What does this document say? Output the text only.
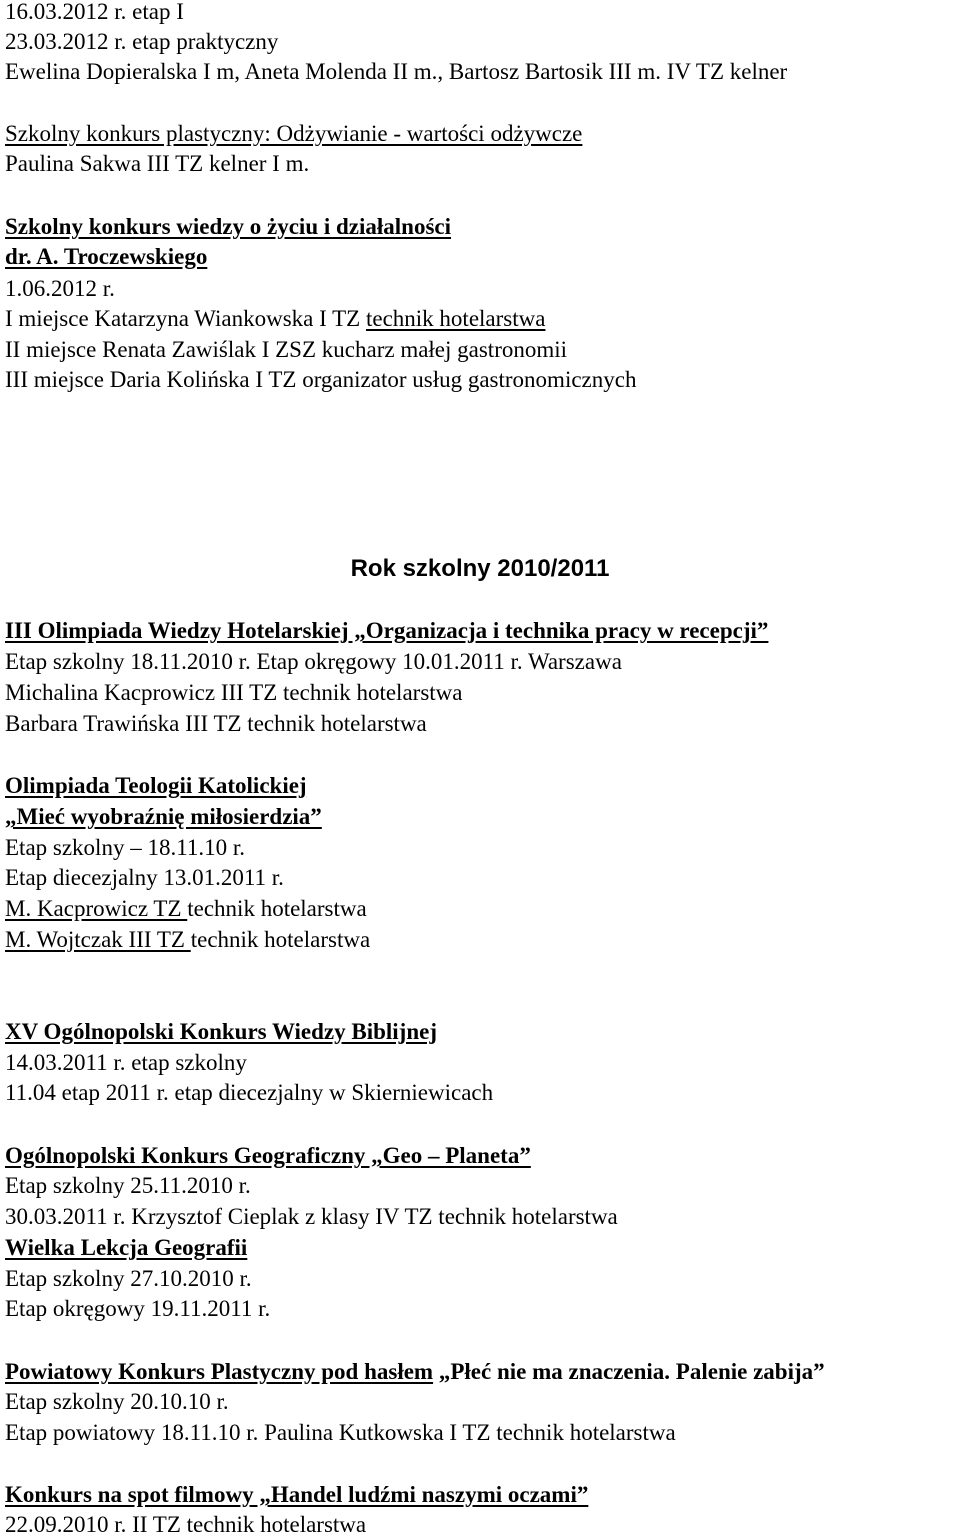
16.03.2012 r. etap I
23.03.2012 r. etap praktyczny
Ewelina Dopieralska I m, Aneta Molenda II m., Bartosz Bartosik III m. IV TZ kelner
Szkolny konkurs plastyczny: Odżywianie - wartości odżywcze
Paulina Sakwa III TZ kelner I m.
Szkolny konkurs wiedzy o życiu i działalności
dr. A. Troczewskiego
1.06.2012 r.
I miejsce Katarzyna Wiankowska I TZ technik hotelarstwa
II miejsce Renata Zawiślak I ZSZ kucharz małej gastronomii
III miejsce Daria Kolińska I TZ organizator usług gastronomicznych
Rok szkolny 2010/2011
III Olimpiada Wiedzy Hotelarskiej „Organizacja i technika pracy w recepcji”
Etap szkolny 18.11.2010 r. Etap okręgowy 10.01.2011 r. Warszawa
Michalina Kacprowicz III TZ technik hotelarstwa
Barbara Trawińska III TZ technik hotelarstwa
Olimpiada Teologii Katolickiej
„Mieć wyobraźnię miłosierdzia”
Etap szkolny – 18.11.10 r.
Etap diecezjalny 13.01.2011 r.
M. Kacprowicz TZ technik hotelarstwa
M. Wojtczak III TZ technik hotelarstwa
XV Ogólnopolski Konkurs Wiedzy Biblijnej
14.03.2011 r. etap szkolny
11.04 etap 2011 r. etap diecezjalny w Skierniewicach
Ogólnopolski Konkurs Geograficzny „Geo – Planeta”
Etap szkolny 25.11.2010 r.
30.03.2011 r. Krzysztof Cieplak z klasy IV TZ technik hotelarstwa
Wielka Lekcja Geografii
Etap szkolny 27.10.2010 r.
Etap okręgowy 19.11.2011 r.
Powiatowy Konkurs Plastyczny pod hasłem „Płeć nie ma znaczenia. Palenie zabija”
Etap szkolny 20.10.10 r.
Etap powiatowy 18.11.10 r. Paulina Kutkowska I TZ technik hotelarstwa
Konkurs na spot filmowy „Handel ludźmi naszymi oczami”
22.09.2010 r. II TZ technik hotelarstwa
